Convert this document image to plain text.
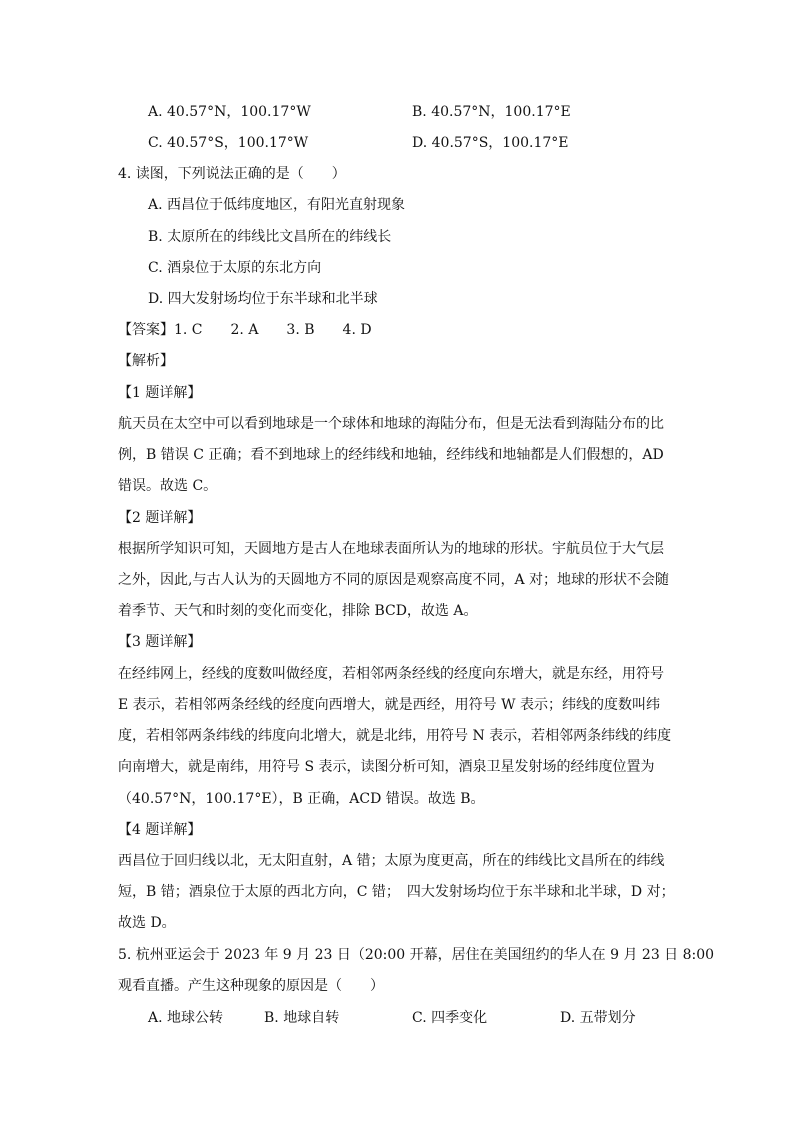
A. 40.57°N，100.17°W	B. 40.57°N，100.17°E
C. 40.57°S，100.17°W	D. 40.57°S，100.17°E
4. 读图，下列说法正确的是（　　）
A. 西昌位于低纬度地区，有阳光直射现象
B. 太原所在的纬线比文昌所在的纬线长
C. 酒泉位于太原的东北方向
D. 四大发射场均位于东半球和北半球
【答案】1. C　　2. A　　3. B　　4. D
【解析】
【1 题详解】
航天员在太空中可以看到地球是一个球体和地球的海陆分布，但是无法看到海陆分布的比
例，B 错误 C 正确；看不到地球上的经纬线和地轴，经纬线和地轴都是人们假想的，AD
错误。故选 C。
【2 题详解】
根据所学知识可知，天圆地方是古人在地球表面所认为的地球的形状。宇航员位于大气层
之外，因此,与古人认为的天圆地方不同的原因是观察高度不同，A 对；地球的形状不会随
着季节、天气和时刻的变化而变化，排除 BCD，故选 A。
【3 题详解】
在经纬网上，经线的度数叫做经度，若相邻两条经线的经度向东增大，就是东经，用符号
E 表示，若相邻两条经线的经度向西增大，就是西经，用符号 W 表示；纬线的度数叫纬
度，若相邻两条纬线的纬度向北增大，就是北纬，用符号 N 表示，若相邻两条纬线的纬度
向南增大，就是南纬，用符号 S 表示，读图分析可知，酒泉卫星发射场的经纬度位置为
（40.57°N，100.17°E），B 正确，ACD 错误。故选 B。
【4 题详解】
西昌位于回归线以北，无太阳直射，A 错；太原为度更高，所在的纬线比文昌所在的纬线
短，B 错；酒泉位于太原的西北方向，C 错；　四大发射场均位于东半球和北半球，D 对；
故选 D。
5. 杭州亚运会于 2023 年 9 月 23 日（20:00 开幕，居住在美国纽约的华人在 9 月 23 日 8:00
观看直播。产生这种现象的原因是（　　）
A. 地球公转	B. 地球自转	C. 四季变化	D. 五带划分
